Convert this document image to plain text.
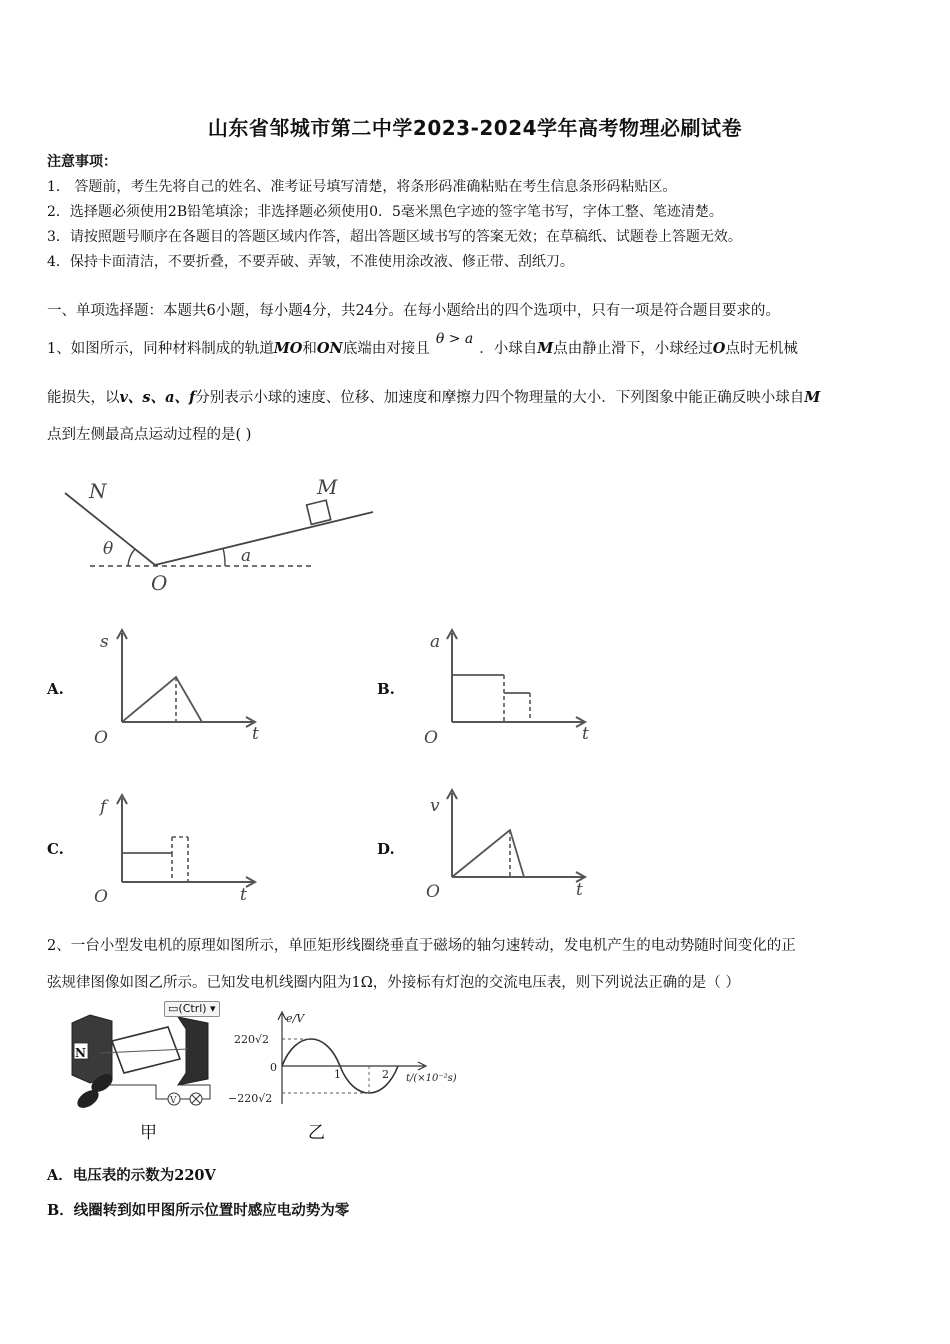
山东省邹城市第二中学2023-2024学年高考物理必刷试卷
注意事项：
1． 答题前，考生先将自己的姓名、准考证号填写清楚，将条形码准确粘贴在考生信息条形码粘贴区。
2．选择题必须使用2B铅笔填涂；非选择题必须使用0．5毫米黑色字迹的签字笔书写，字体工整、笔迹清楚。
3．请按照题号顺序在各题目的答题区域内作答，超出答题区域书写的答案无效；在草稿纸、试题卷上答题无效。
4．保持卡面清洁，不要折叠，不要弄破、弄皱，不准使用涂改液、修正带、刮纸刀。
一、单项选择题：本题共6小题，每小题4分，共24分。在每小题给出的四个选项中，只有一项是符合题目要求的。
1、如图所示，同种材料制成的轨道MO和ON底端由对接且θ > a．小球自M点由静止滑下，小球经过O点时无机械
能损失，以v、s、a、f分别表示小球的速度、位移、加速度和摩擦力四个物理量的大小．下列图象中能正确反映小球自M
点到左侧最高点运动过程的是( )
N	M
θ	a
O
A.
s
O	t
B.
a
O	t
C.
f
O	t
D.
v
O	t
2、一台小型发电机的原理如图所示，单匝矩形线圈绕垂直于磁场的轴匀速转动，发电机产生的电动势随时间变化的正
弦规律图像如图乙所示。已知发电机线圈内阻为1Ω，外接标有灯泡的交流电压表，则下列说法正确的是（ ）
N
V
▭(Ctrl) ▾
甲
e/V
220√2
0
−220√2
1	2 t/(×10⁻²s)
乙
A．电压表的示数为220V
B．线圈转到如甲图所示位置时感应电动势为零
